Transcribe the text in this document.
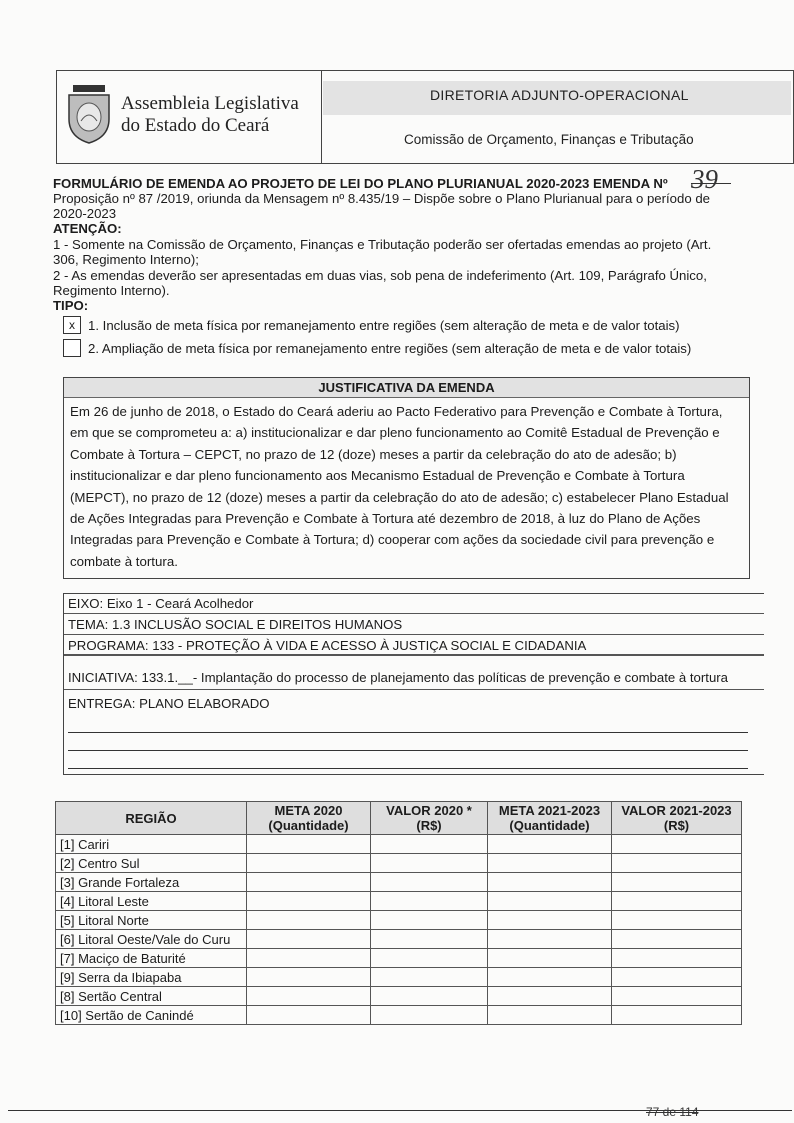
Assembleia Legislativa
do Estado do Ceará
DIRETORIA ADJUNTO-OPERACIONAL
Comissão de Orçamento, Finanças e Tributação
FORMULÁRIO DE EMENDA AO PROJETO DE LEI DO PLANO PLURIANUAL 2020-2023 EMENDA Nº 39
Proposição nº 87 /2019, oriunda da Mensagem nº 8.435/19 – Dispõe sobre o Plano Plurianual para o período de
2020-2023
ATENÇÃO:
1 - Somente na Comissão de Orçamento, Finanças e Tributação poderão ser ofertadas emendas ao projeto (Art.
306, Regimento Interno);
2 - As emendas deverão ser apresentadas em duas vias, sob pena de indeferimento (Art. 109, Parágrafo Único,
Regimento Interno).
TIPO:
x 1. Inclusão de meta física por remanejamento entre regiões (sem alteração de meta e de valor totais)
2. Ampliação de meta física por remanejamento entre regiões (sem alteração de meta e de valor totais)
JUSTIFICATIVA DA EMENDA
Em 26 de junho de 2018, o Estado do Ceará aderiu ao Pacto Federativo para Prevenção e Combate à Tortura,
em que se comprometeu a: a) institucionalizar e dar pleno funcionamento ao Comitê Estadual de Prevenção e
Combate à Tortura – CEPCT, no prazo de 12 (doze) meses a partir da celebração do ato de adesão; b)
institucionalizar e dar pleno funcionamento aos Mecanismo Estadual de Prevenção e Combate à Tortura
(MEPCT), no prazo de 12 (doze) meses a partir da celebração do ato de adesão; c) estabelecer Plano Estadual
de Ações Integradas para Prevenção e Combate à Tortura até dezembro de 2018, à luz do Plano de Ações
Integradas para Prevenção e Combate à Tortura; d) cooperar com ações da sociedade civil para prevenção e
combate à tortura.
EIXO: Eixo 1 - Ceará Acolhedor
TEMA: 1.3 INCLUSÃO SOCIAL E DIREITOS HUMANOS
PROGRAMA: 133 - PROTEÇÃO À VIDA E ACESSO À JUSTIÇA SOCIAL E CIDADANIA
INICIATIVA: 133.1.__- Implantação do processo de planejamento das políticas de prevenção e combate à tortura
ENTREGA: PLANO ELABORADO
REGIÃO	META 2020 (Quantidade)	VALOR 2020 * (R$)	META 2021-2023 (Quantidade)	VALOR 2021-2023 (R$)
[1] Cariri				
[2] Centro Sul				
[3] Grande Fortaleza				
[4] Litoral Leste				
[5] Litoral Norte				
[6] Litoral Oeste/Vale do Curu				
[7] Maciço de Baturité				
[9] Serra da Ibiapaba				
[8] Sertão Central				
[10] Sertão de Canindé				
77 de 114
